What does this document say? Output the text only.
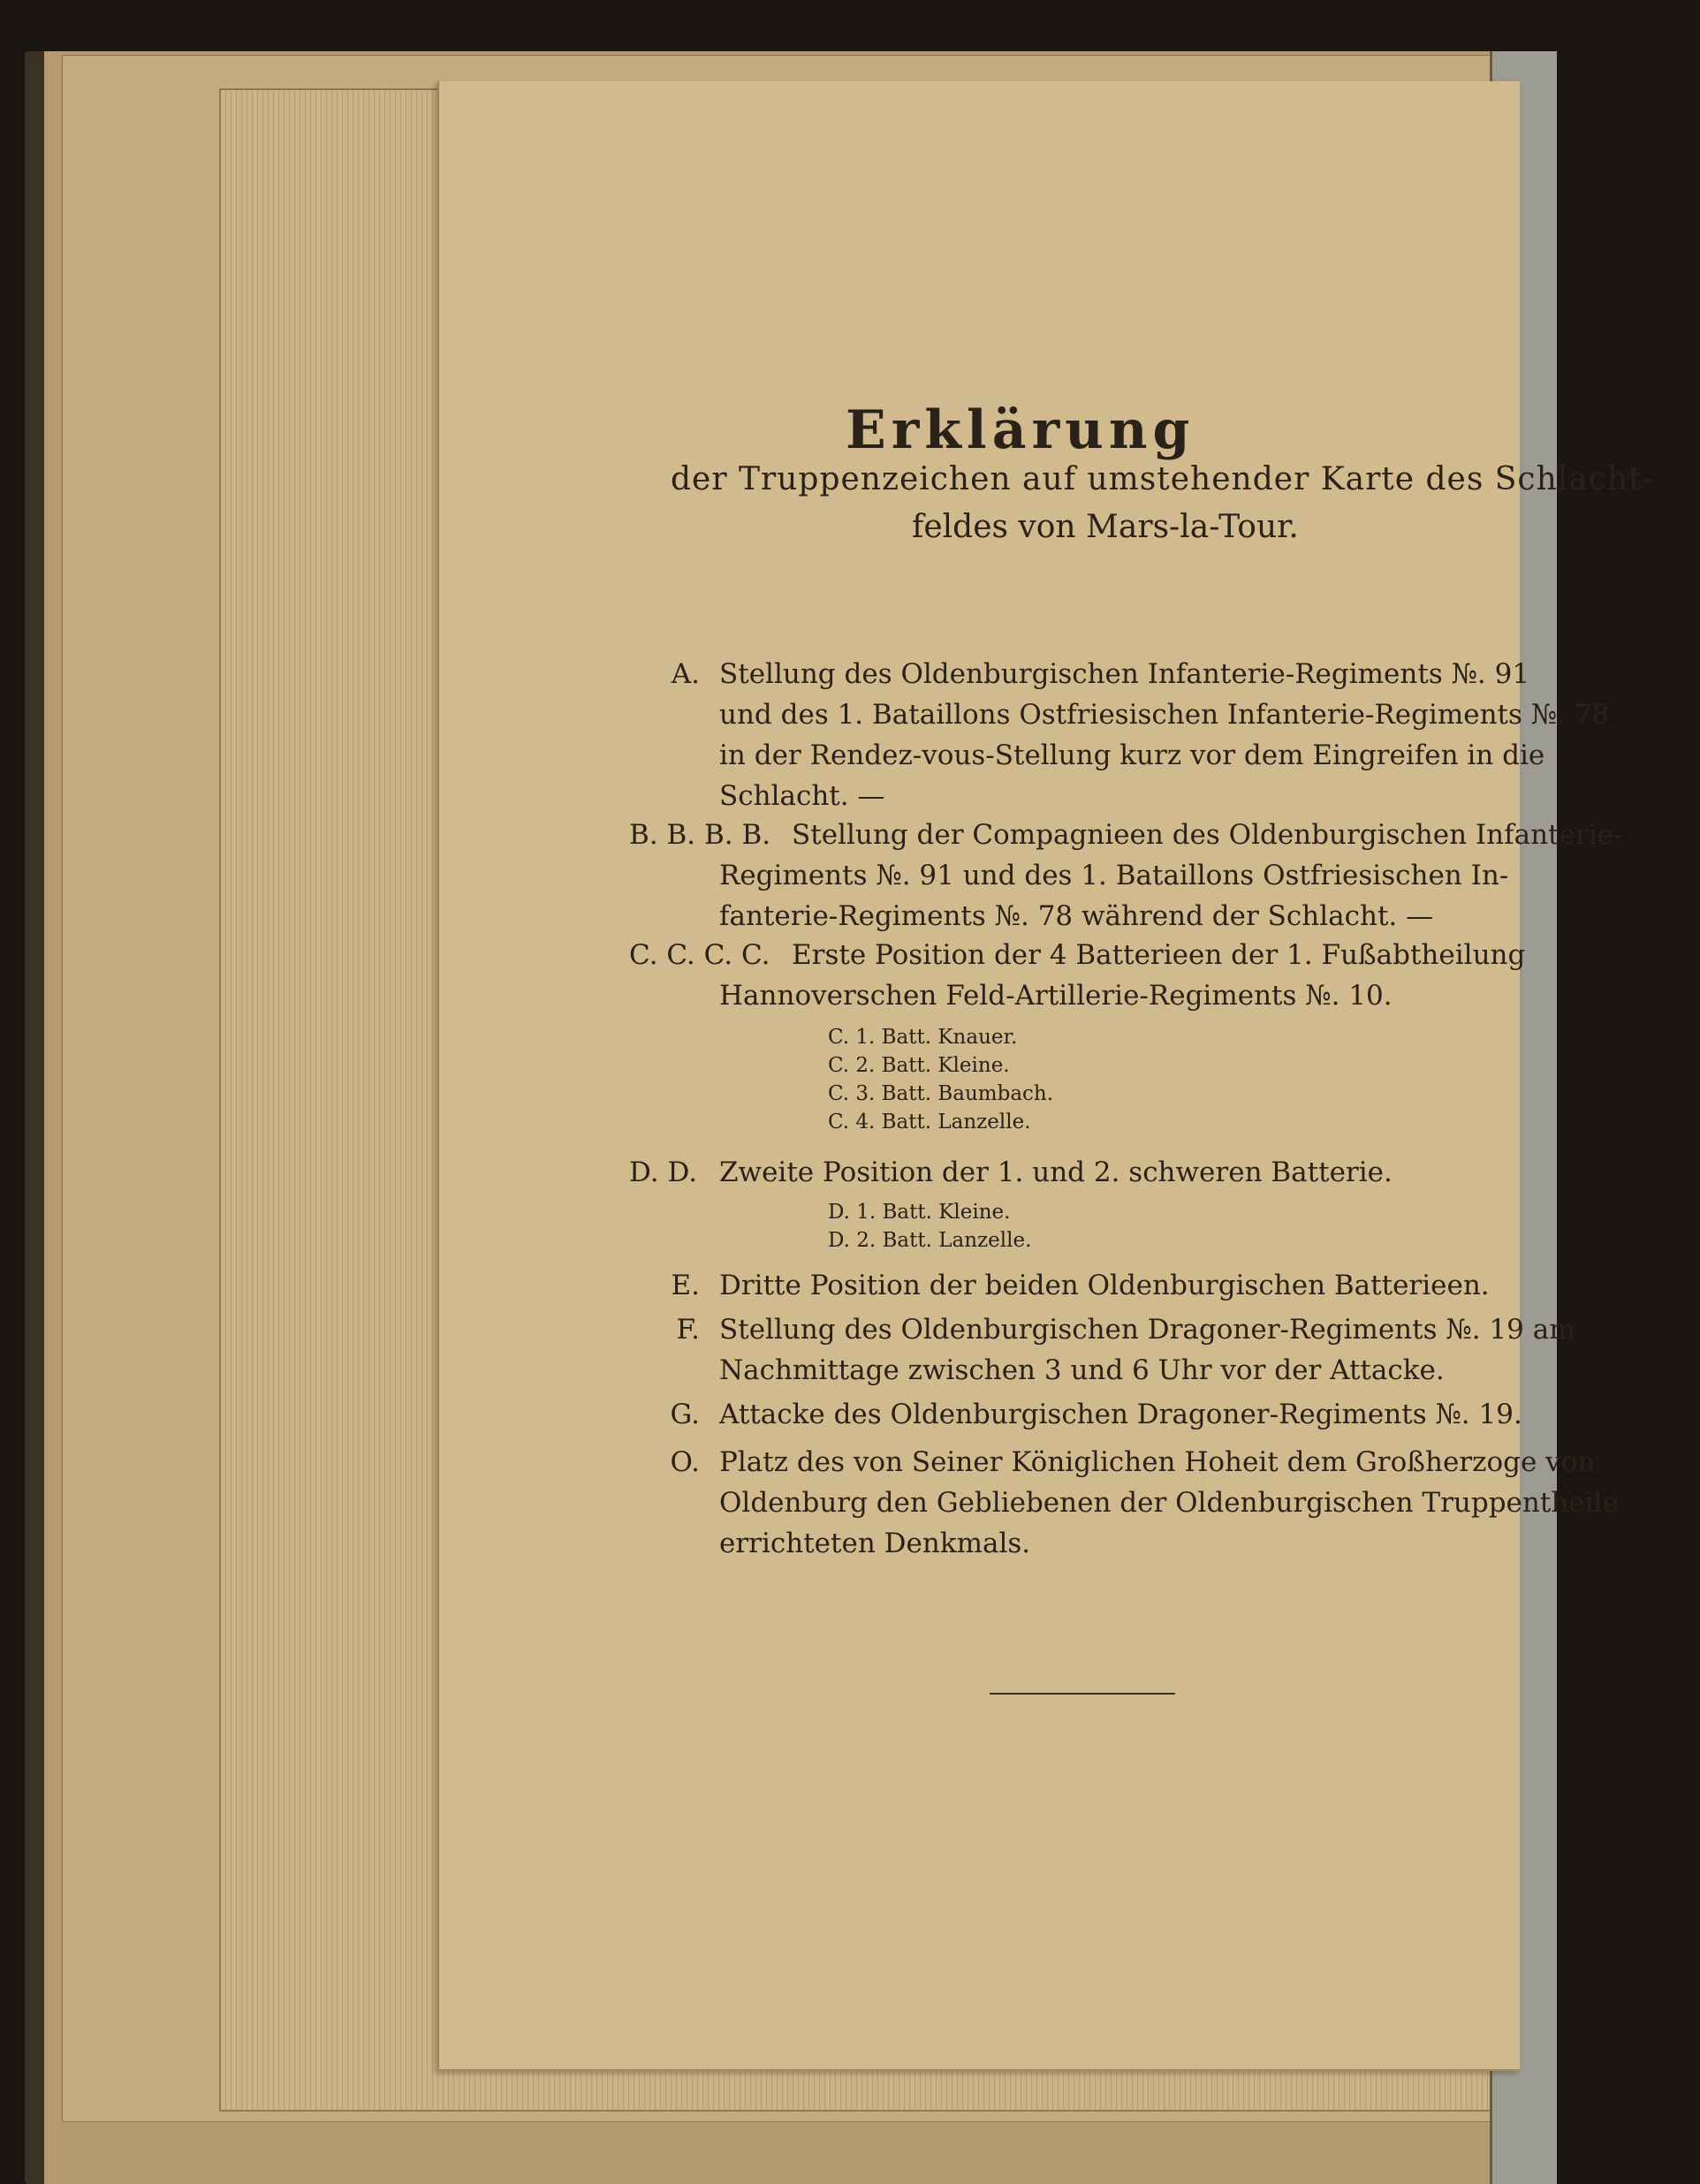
Erklärung
der Truppenzeichen auf umstehender Karte des Schlacht-
feldes von Mars-la-Tour.
A. Stellung des Oldenburgischen Infanterie-Regiments №. 91
und des 1. Bataillons Ostfriesischen Infanterie-Regiments №. 78
in der Rendez-vous-Stellung kurz vor dem Eingreifen in die
Schlacht. —
B. B. B. B. Stellung der Compagnieen des Oldenburgischen Infanterie-
Regiments №. 91 und des 1. Bataillons Ostfriesischen In-
fanterie-Regiments №. 78 während der Schlacht. —
C. C. C. C. Erste Position der 4 Batterieen der 1. Fußabtheilung
Hannoverschen Feld-Artillerie-Regiments №. 10.
C. 1. Batt. Knauer.
C. 2. Batt. Kleine.
C. 3. Batt. Baumbach.
C. 4. Batt. Lanzelle.
D. D. Zweite Position der 1. und 2. schweren Batterie.
D. 1. Batt. Kleine.
D. 2. Batt. Lanzelle.
E. Dritte Position der beiden Oldenburgischen Batterieen.
F. Stellung des Oldenburgischen Dragoner-Regiments №. 19 am
Nachmittage zwischen 3 und 6 Uhr vor der Attacke.
G. Attacke des Oldenburgischen Dragoner-Regiments №. 19.
O. Platz des von Seiner Königlichen Hoheit dem Großherzoge von
Oldenburg den Gebliebenen der Oldenburgischen Truppentheile
errichteten Denkmals.
